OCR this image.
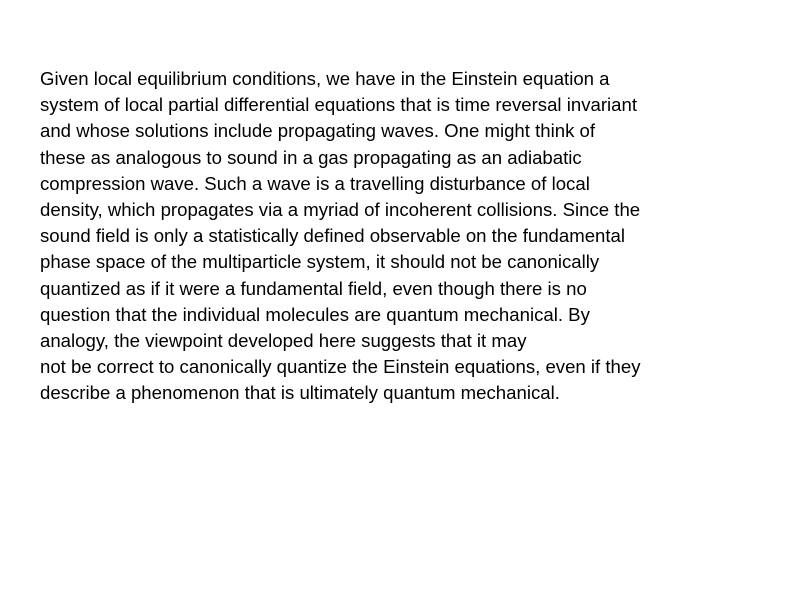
Given local equilibrium conditions, we have in the Einstein equation a
system of local partial differential equations that is time reversal invariant
and whose solutions include propagating waves. One might think of
these as analogous to sound in a gas propagating as an adiabatic
compression wave. Such a wave is a travelling disturbance of local
density, which propagates via a myriad of incoherent collisions. Since the
sound field is only a statistically defined observable on the fundamental
phase space of the multiparticle system, it should not be canonically
quantized as if it were a fundamental field, even though there is no
question that the individual molecules are quantum mechanical. By
analogy, the viewpoint developed here suggests that it may
not be correct to canonically quantize the Einstein equations, even if they
describe a phenomenon that is ultimately quantum mechanical.
